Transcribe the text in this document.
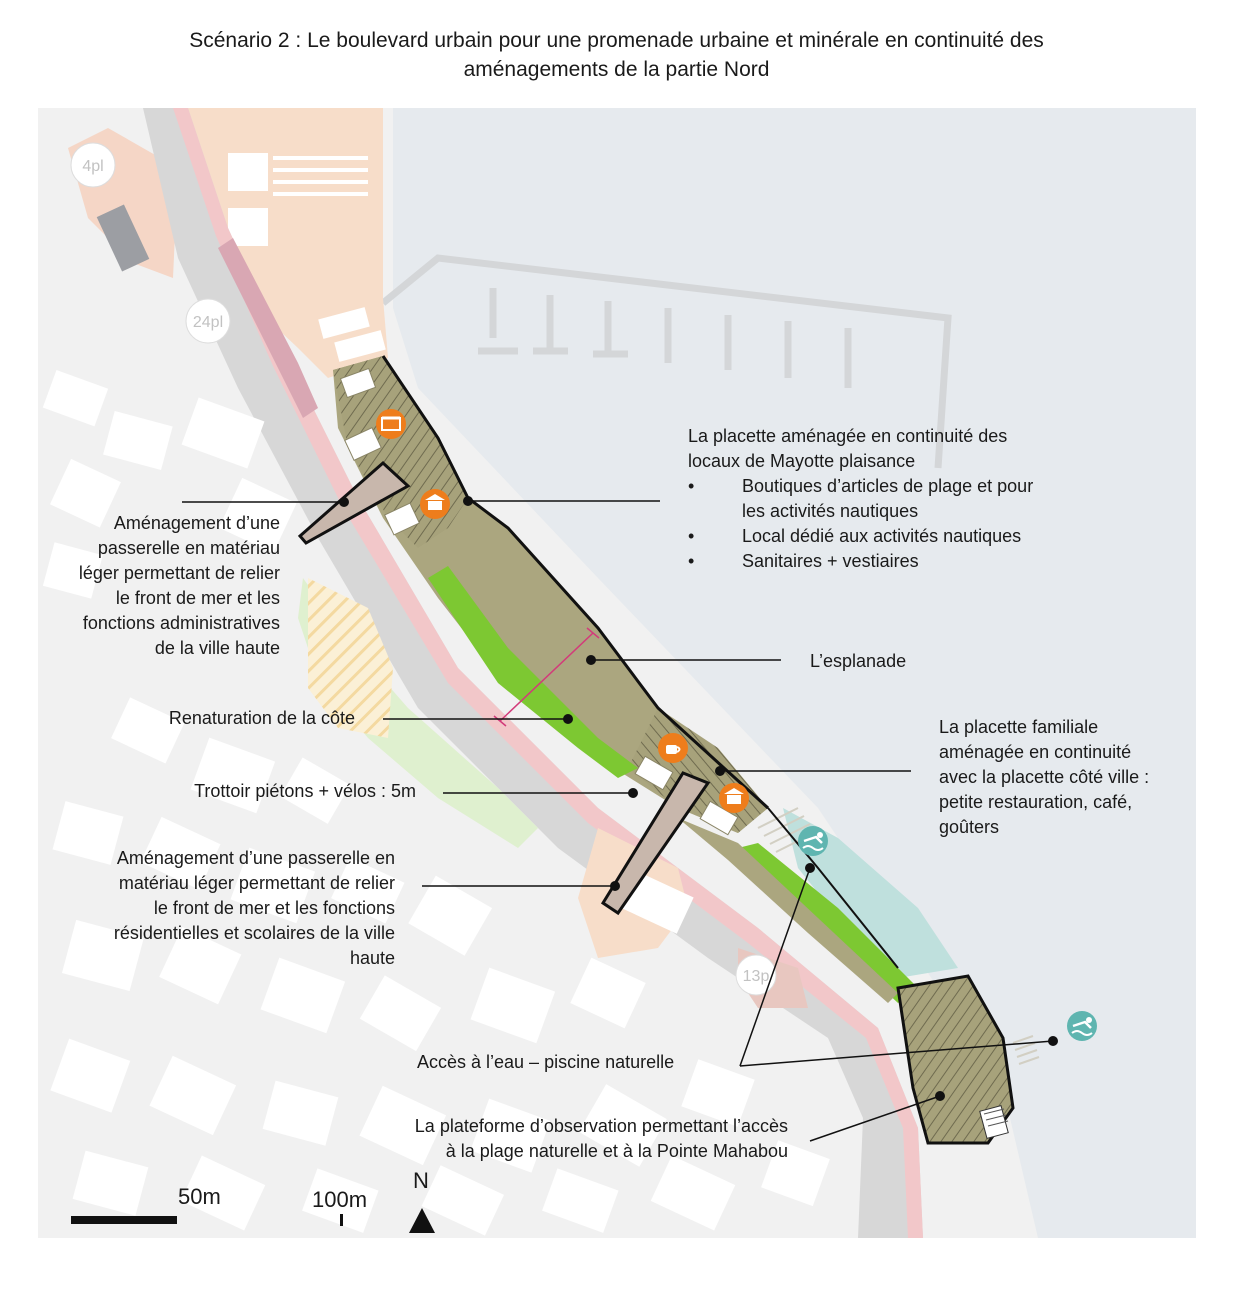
Scénario 2 : Le boulevard urbain pour une promenade urbaine et minérale en continuité des
aménagements de la partie Nord
4pl
24pl
13p
La placette aménagée en continuité des
locaux de Mayotte plaisance
•	Boutiques d’articles de plage et pour
les activités nautiques
•	Local dédié aux activités nautiques
•	Sanitaires + vestiaires
Aménagement d’une
passerelle en matériau
léger permettant de relier
le front de mer et les
fonctions administratives
de la ville haute
L’esplanade
Renaturation de la côte	La placette familiale
aménagée en continuité
avec la placette côté ville :
petite restauration, café,
goûters
Trottoir piétons + vélos : 5m
Aménagement d’une passerelle en
matériau léger permettant de relier
le front de mer et les fonctions
résidentielles et scolaires de la ville
haute
Accès à l’eau – piscine naturelle
La plateforme d’observation permettant l’accès
à la plage naturelle et à la Pointe Mahabou
50m	100m
N
